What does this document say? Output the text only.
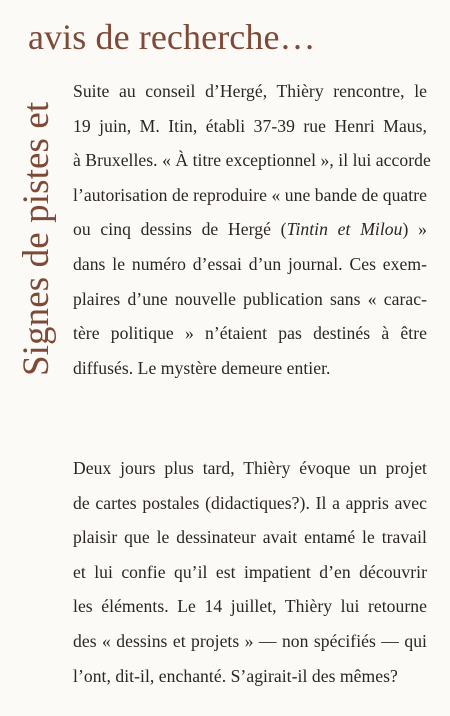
avis de recherche…
Signes de pistes et
Suite au conseil d’Hergé, Thièry rencontre, le
19 juin, M. Itin, établi 37-39 rue Henri Maus,
à Bruxelles. « À titre exceptionnel », il lui accorde
l’autorisation de reproduire « une bande de quatre
ou cinq dessins de Hergé (Tintin et Milou) »
dans le numéro d’essai d’un journal. Ces exem-
plaires d’une nouvelle publication sans « carac-
tère politique » n’étaient pas destinés à être
diffusés. Le mystère demeure entier.
Deux jours plus tard, Thièry évoque un projet
de cartes postales (didactiques?). Il a appris avec
plaisir que le dessinateur avait entamé le travail
et lui confie qu’il est impatient d’en découvrir
les éléments. Le 14 juillet, Thièry lui retourne
des « dessins et projets » — non spécifiés — qui
l’ont, dit-il, enchanté. S’agirait-il des mêmes?
